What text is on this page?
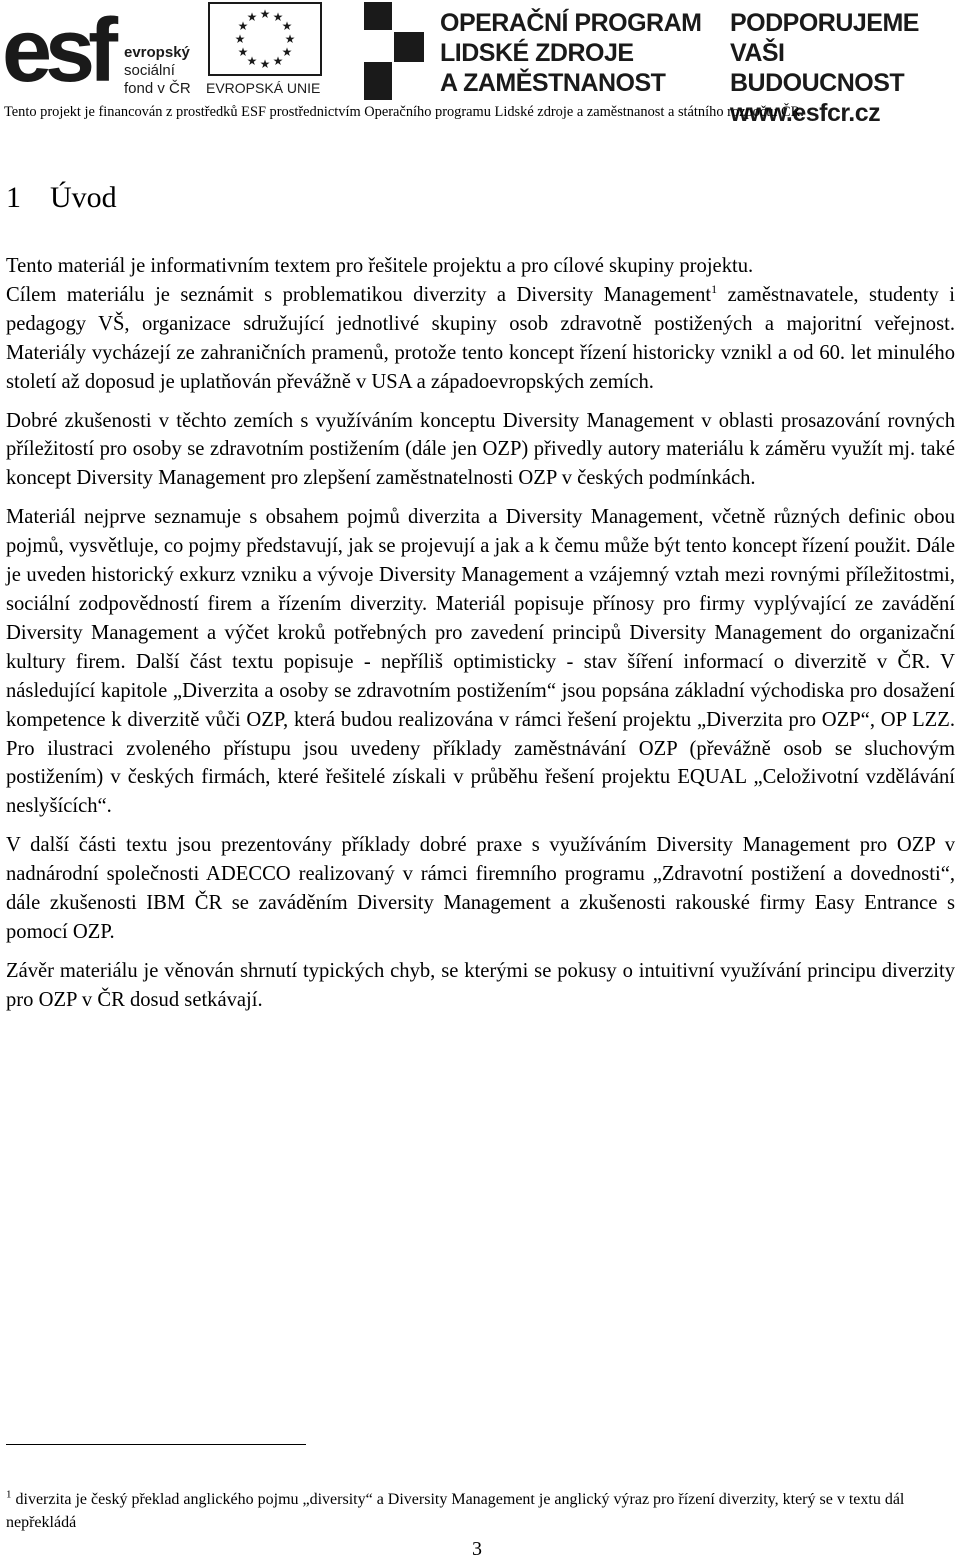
esf evropský
sociální
fond v ČR
★ ★
★
★
★
★
★
★
★
★
★
★
EVROPSKÁ UNIE
OPERAČNÍ PROGRAM
LIDSKÉ ZDROJE
A ZAMĚSTNANOST
PODPORUJEME
VAŠI BUDOUCNOST
www.esfcr.cz
Tento projekt je financován z prostředků ESF prostřednictvím Operačního programu Lidské zdroje a zaměstnanost a státního rozpočtu ČR.
1 Úvod

Tento materiál je informativním textem pro řešitele projektu a pro cílové skupiny projektu.

Cílem materiálu je seznámit s problematikou diverzity a Diversity Management$^1$ zaměstnavatele, studenty i pedagogy VŠ, organizace sdružující jednotlivé skupiny osob zdravotně postižených a majoritní veřejnost. Materiály vycházejí ze zahraničních pramenů, protože tento koncept řízení historicky vznikl a od 60. let minulého století až doposud je uplatňován převážně v USA a západoevropských zemích.

Dobré zkušenosti v těchto zemích s využíváním konceptu Diversity Management v oblasti prosazování rovných příležitostí pro osoby se zdravotním postižením (dále jen OZP) přivedly autory materiálu k záměru využít mj. také koncept Diversity Management pro zlepšení zaměstnatelnosti OZP v českých podmínkách.

Materiál nejprve seznamuje s obsahem pojmů diverzita a Diversity Management, včetně různých definic obou pojmů, vysvětluje, co pojmy představují, jak se projevují a jak a k čemu může být tento koncept řízení použit. Dále je uveden historický exkurz vzniku a vývoje Diversity Management a vzájemný vztah mezi rovnými příležitostmi, sociální zodpovědností firem a řízením diverzity. Materiál popisuje přínosy pro firmy vyplývající ze zavádění Diversity Management a výčet kroků potřebných pro zavedení principů Diversity Management do organizační kultury firem. Další část textu popisuje - nepříliš optimisticky - stav šíření informací o diverzitě v ČR. V následující kapitole „Diverzita a osoby se zdravotním postižením“ jsou popsána základní východiska pro dosažení kompetence k diverzitě vůči OZP, která budou realizována v rámci řešení projektu „Diverzita pro OZP“, OP LZZ. Pro ilustraci zvoleného přístupu jsou uvedeny příklady zaměstnávání OZP (převážně osob se sluchovým postižením) v českých firmách, které řešitelé získali v průběhu řešení projektu EQUAL „Celoživotní vzdělávání neslyšících“.

V další části textu jsou prezentovány příklady dobré praxe s využíváním Diversity Management pro OZP v nadnárodní společnosti ADECCO realizovaný v rámci firemního programu „Zdravotní postižení a dovednosti“, dále zkušenosti IBM ČR se zaváděním Diversity Management a zkušenosti rakouské firmy Easy Entrance s pomocí OZP.

Závěr materiálu je věnován shrnutí typických chyb, se kterými se pokusy o intuitivní využívání principu diverzity pro OZP v ČR dosud setkávají.

$^1$ diverzita je český překlad anglického pojmu „diversity“ a Diversity Management je anglický výraz pro řízení diverzity, který se v textu dál nepřekládá
3
